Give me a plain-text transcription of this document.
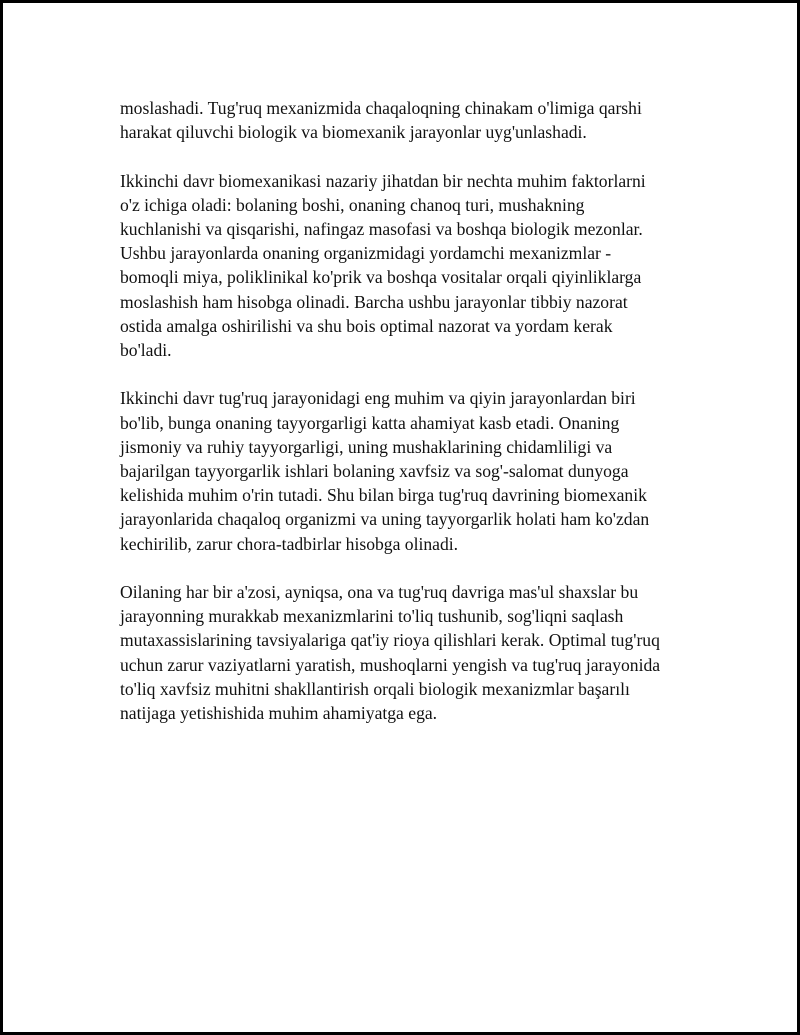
moslashadi. Tug'ruq mexanizmida chaqaloqning chinakam o'limiga qarshi
harakat qiluvchi biologik va biomexanik jarayonlar uyg'unlashadi.

Ikkinchi davr biomexanikasi nazariy jihatdan bir nechta muhim faktorlarni
o'z ichiga oladi: bolaning boshi, onaning chanoq turi, mushakning
kuchlanishi va qisqarishi, nafingaz masofasi va boshqa biologik mezonlar.
Ushbu jarayonlarda onaning organizmidagi yordamchi mexanizmlar -
bomoqli miya, poliklinikal ko'prik va boshqa vositalar orqali qiyinliklarga
moslashish ham hisobga olinadi. Barcha ushbu jarayonlar tibbiy nazorat
ostida amalga oshirilishi va shu bois optimal nazorat va yordam kerak
bo'ladi.

Ikkinchi davr tug'ruq jarayonidagi eng muhim va qiyin jarayonlardan biri
bo'lib, bunga onaning tayyorgarligi katta ahamiyat kasb etadi. Onaning
jismoniy va ruhiy tayyorgarligi, uning mushaklarining chidamliligi va
bajarilgan tayyorgarlik ishlari bolaning xavfsiz va sog'-salomat dunyoga
kelishida muhim o'rin tutadi. Shu bilan birga tug'ruq davrining biomexanik
jarayonlarida chaqaloq organizmi va uning tayyorgarlik holati ham ko'zdan
kechirilib, zarur chora-tadbirlar hisobga olinadi.

Oilaning har bir a'zosi, ayniqsa, ona va tug'ruq davriga mas'ul shaxslar bu
jarayonning murakkab mexanizmlarini to'liq tushunib, sog'liqni saqlash
mutaxassislarining tavsiyalariga qat'iy rioya qilishlari kerak. Optimal tug'ruq
uchun zarur vaziyatlarni yaratish, mushoqlarni yengish va tug'ruq jarayonida
to'liq xavfsiz muhitni shakllantirish orqali biologik mexanizmlar başarılı
natijaga yetishishida muhim ahamiyatga ega.
